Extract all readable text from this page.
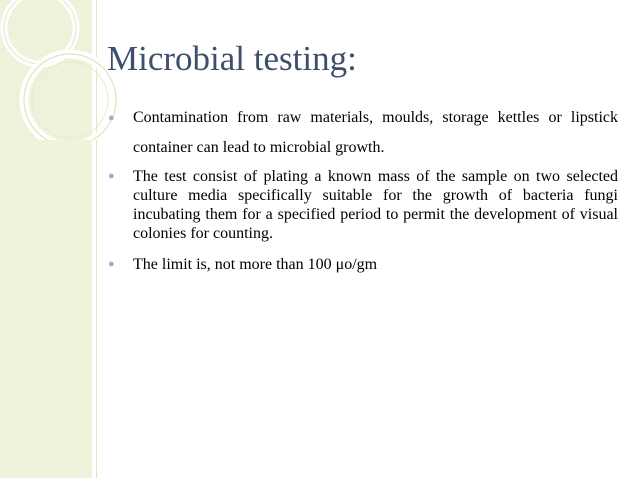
Microbial testing:
● Contamination from raw materials, moulds, storage kettles or lipstick container can lead to microbial growth.
● The test consist of plating a known mass of the sample on two selected culture media specifically suitable for the growth of bacteria fungi incubating them for a specified period to permit the development of visual colonies for counting.
● The limit is, not more than 100 μo/gm
